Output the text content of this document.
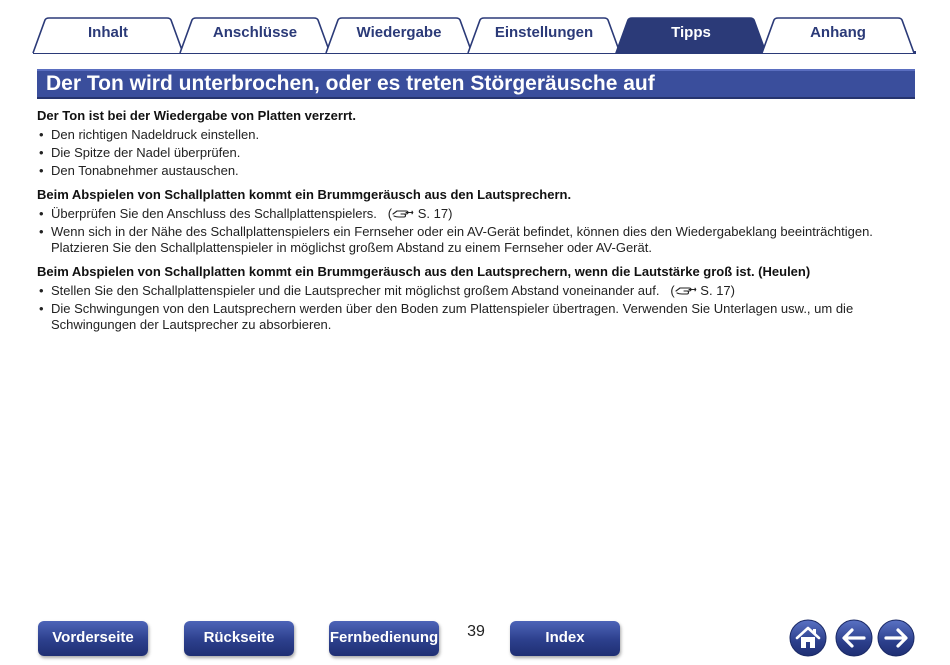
Inhalt	Anschlüsse	Wiedergabe	Einstellungen	Tipps	Anhang
Der Ton wird unterbrochen, oder es treten Störgeräusche auf
Der Ton ist bei der Wiedergabe von Platten verzerrt.
• Den richtigen Nadeldruck einstellen.
• Die Spitze der Nadel überprüfen.
• Den Tonabnehmer austauschen.
Beim Abspielen von Schallplatten kommt ein Brummgeräusch aus den Lautsprechern.
• Überprüfen Sie den Anschluss des Schallplattenspielers.   ( S. 17)
• Wenn sich in der Nähe des Schallplattenspielers ein Fernseher oder ein AV-Gerät befindet, können dies den Wiedergabeklang beeinträchtigen. Platzieren Sie den Schallplattenspieler in möglichst großem Abstand zu einem Fernseher oder AV-Gerät.
Beim Abspielen von Schallplatten kommt ein Brummgeräusch aus den Lautsprechern, wenn die Lautstärke groß ist. (Heulen)
• Stellen Sie den Schallplattenspieler und die Lautsprecher mit möglichst großem Abstand voneinander auf.   ( S. 17)
• Die Schwingungen von den Lautsprechern werden über den Boden zum Plattenspieler übertragen. Verwenden Sie Unterlagen usw., um die Schwingungen der Lautsprecher zu absorbieren.
Vorderseite	Rückseite	Fernbedienung	39	Index
